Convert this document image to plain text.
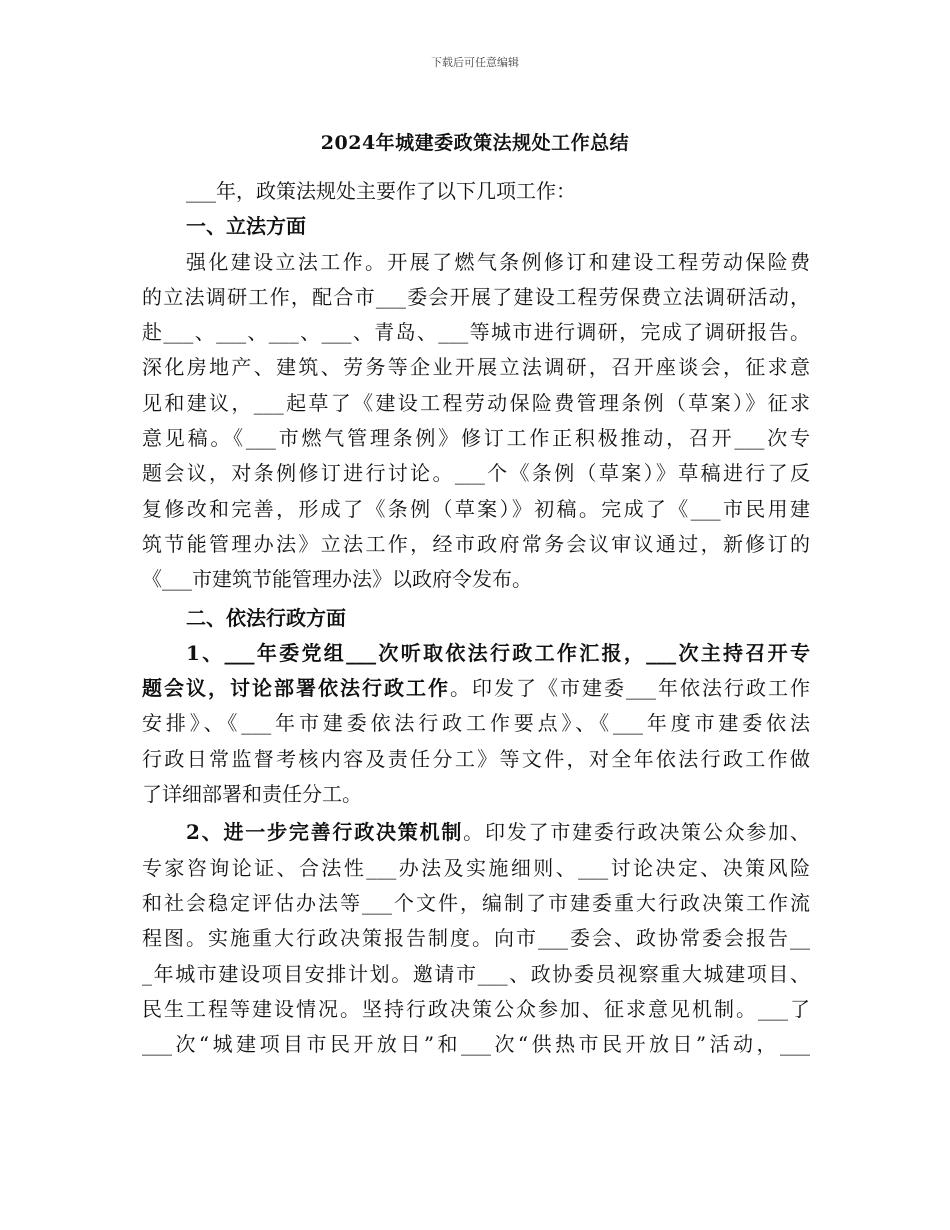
下载后可任意编辑
2024年城建委政策法规处工作总结
___年，政策法规处主要作了以下几项工作：
一、立法方面
强化建设立法工作。开展了燃气条例修订和建设工程劳动保险费
的立法调研工作，配合市___委会开展了建设工程劳保费立法调研活动，
赴___、___、___、___、青岛、___等城市进行调研，完成了调研报告。
深化房地产、建筑、劳务等企业开展立法调研，召开座谈会，征求意
见和建议，___起草了《建设工程劳动保险费管理条例（草案）》征求
意见稿。《___市燃气管理条例》修订工作正积极推动，召开___次专
题会议，对条例修订进行讨论。___个《条例（草案）》草稿进行了反
复修改和完善，形成了《条例（草案）》初稿。完成了《___市民用建
筑节能管理办法》立法工作，经市政府常务会议审议通过，新修订的
《___市建筑节能管理办法》以政府令发布。
二、依法行政方面
1、___年委党组___次听取依法行政工作汇报，___次主持召开专
题会议，讨论部署依法行政工作。印发了《市建委___年依法行政工作
安排》、《___年市建委依法行政工作要点》、《___年度市建委依法
行政日常监督考核内容及责任分工》等文件，对全年依法行政工作做
了详细部署和责任分工。
2、进一步完善行政决策机制。印发了市建委行政决策公众参加、
专家咨询论证、合法性___办法及实施细则、___讨论决定、决策风险
和社会稳定评估办法等___个文件，编制了市建委重大行政决策工作流
程图。实施重大行政决策报告制度。向市___委会、政协常委会报告__
_年城市建设项目安排计划。邀请市___、政协委员视察重大城建项目、
民生工程等建设情况。坚持行政决策公众参加、征求意见机制。___了
___次“城建项目市民开放日”和___次“供热市民开放日”活动，___
